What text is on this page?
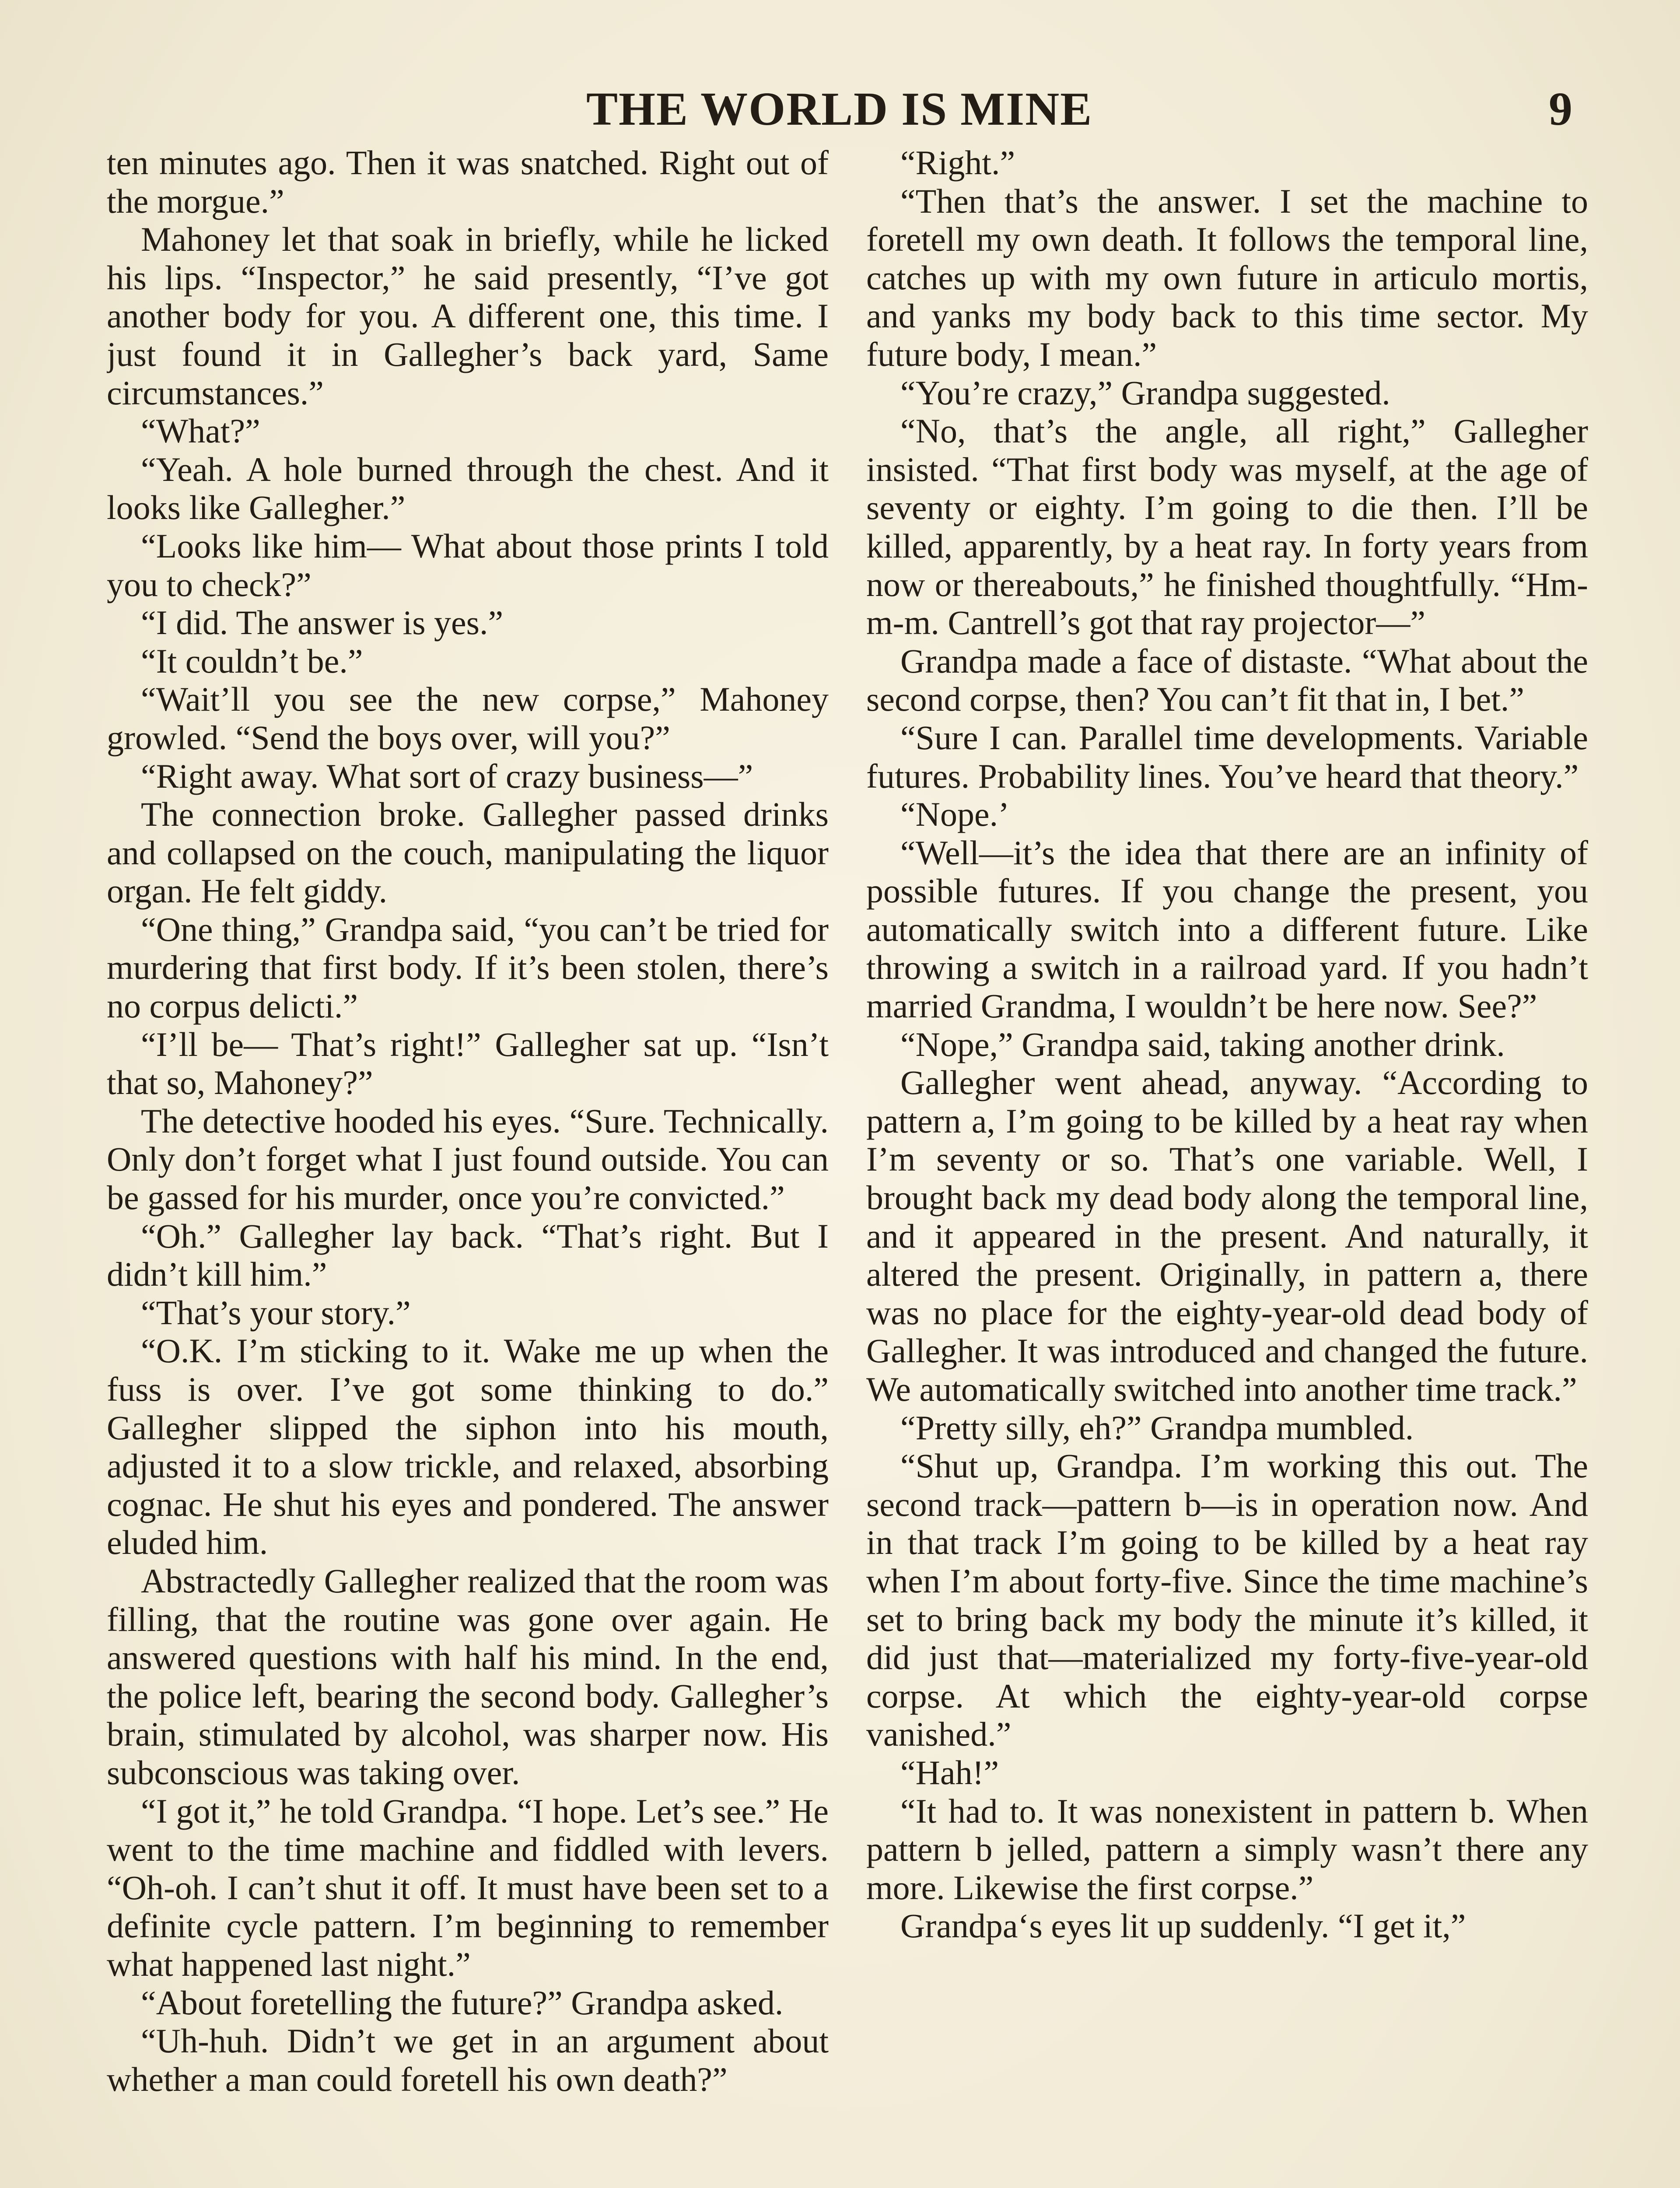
THE WORLD IS MINE	9

ten minutes ago. Then it was snatched. Right out of the morgue.”

Mahoney let that soak in briefly, while he licked his lips. “Inspector,” he said presently, “I’ve got another body for you. A different one, this time. I just found it in Gallegher’s back yard, Same circumstances.”

“What?”

“Yeah. A hole burned through the chest. And it looks like Gallegher.”

“Looks like him— What about those prints I told you to check?”

“I did. The answer is yes.”

“It couldn’t be.”

“Wait’ll you see the new corpse,” Mahoney growled. “Send the boys over, will you?”

“Right away. What sort of crazy business—”

The connection broke. Gallegher passed drinks and collapsed on the couch, manipulating the liquor organ. He felt giddy.

“One thing,” Grandpa said, “you can’t be tried for murdering that first body. If it’s been stolen, there’s no corpus delicti.”

“I’ll be— That’s right!” Gallegher sat up. “Isn’t that so, Mahoney?”

The detective hooded his eyes. “Sure. Technically. Only don’t forget what I just found outside. You can be gassed for his murder, once you’re convicted.”

“Oh.” Gallegher lay back. “That’s right. But I didn’t kill him.”

“That’s your story.”

“O.K. I’m sticking to it. Wake me up when the fuss is over. I’ve got some thinking to do.” Gallegher slipped the siphon into his mouth, adjusted it to a slow trickle, and relaxed, absorbing cognac. He shut his eyes and pondered. The answer eluded him.

Abstractedly Gallegher realized that the room was filling, that the routine was gone over again. He answered questions with half his mind. In the end, the police left, bearing the second body. Gallegher’s brain, stimulated by alcohol, was sharper now. His subconscious was taking over.

“I got it,” he told Grandpa. “I hope. Let’s see.” He went to the time machine and fiddled with levers. “Oh-oh. I can’t shut it off. It must have been set to a definite cycle pattern. I’m beginning to remember what happened last night.”

“About foretelling the future?” Grandpa asked.

“Uh-huh. Didn’t we get in an argument about whether a man could foretell his own death?”

“Right.”

“Then that’s the answer. I set the machine to foretell my own death. It follows the temporal line, catches up with my own future in articulo mortis, and yanks my body back to this time sector. My future body, I mean.”

“You’re crazy,” Grandpa suggested.

“No, that’s the angle, all right,” Gallegher insisted. “That first body was myself, at the age of seventy or eighty. I’m going to die then. I’ll be killed, apparently, by a heat ray. In forty years from now or thereabouts,” he finished thoughtfully. “Hm-m-m. Cantrell’s got that ray projector—”

Grandpa made a face of distaste. “What about the second corpse, then? You can’t fit that in, I bet.”

“Sure I can. Parallel time developments. Variable futures. Probability lines. You’ve heard that theory.”

“Nope.’

“Well—it’s the idea that there are an infinity of possible futures. If you change the present, you automatically switch into a different future. Like throwing a switch in a railroad yard. If you hadn’t married Grandma, I wouldn’t be here now. See?”

“Nope,” Grandpa said, taking another drink.

Gallegher went ahead, anyway. “According to pattern a, I’m going to be killed by a heat ray when I’m seventy or so. That’s one variable. Well, I brought back my dead body along the temporal line, and it appeared in the present. And naturally, it altered the present. Originally, in pattern a, there was no place for the eighty-year-old dead body of Gallegher. It was introduced and changed the future. We automatically switched into another time track.”

“Pretty silly, eh?” Grandpa mumbled.

“Shut up, Grandpa. I’m working this out. The second track—pattern b—is in operation now. And in that track I’m going to be killed by a heat ray when I’m about forty-five. Since the time machine’s set to bring back my body the minute it’s killed, it did just that—materialized my forty-five-year-old corpse. At which the eighty-year-old corpse vanished.”

“Hah!”

“It had to. It was nonexistent in pattern b. When pattern b jelled, pattern a simply wasn’t there any more. Likewise the first corpse.”

Grandpa‘s eyes lit up suddenly. “I get it,”
